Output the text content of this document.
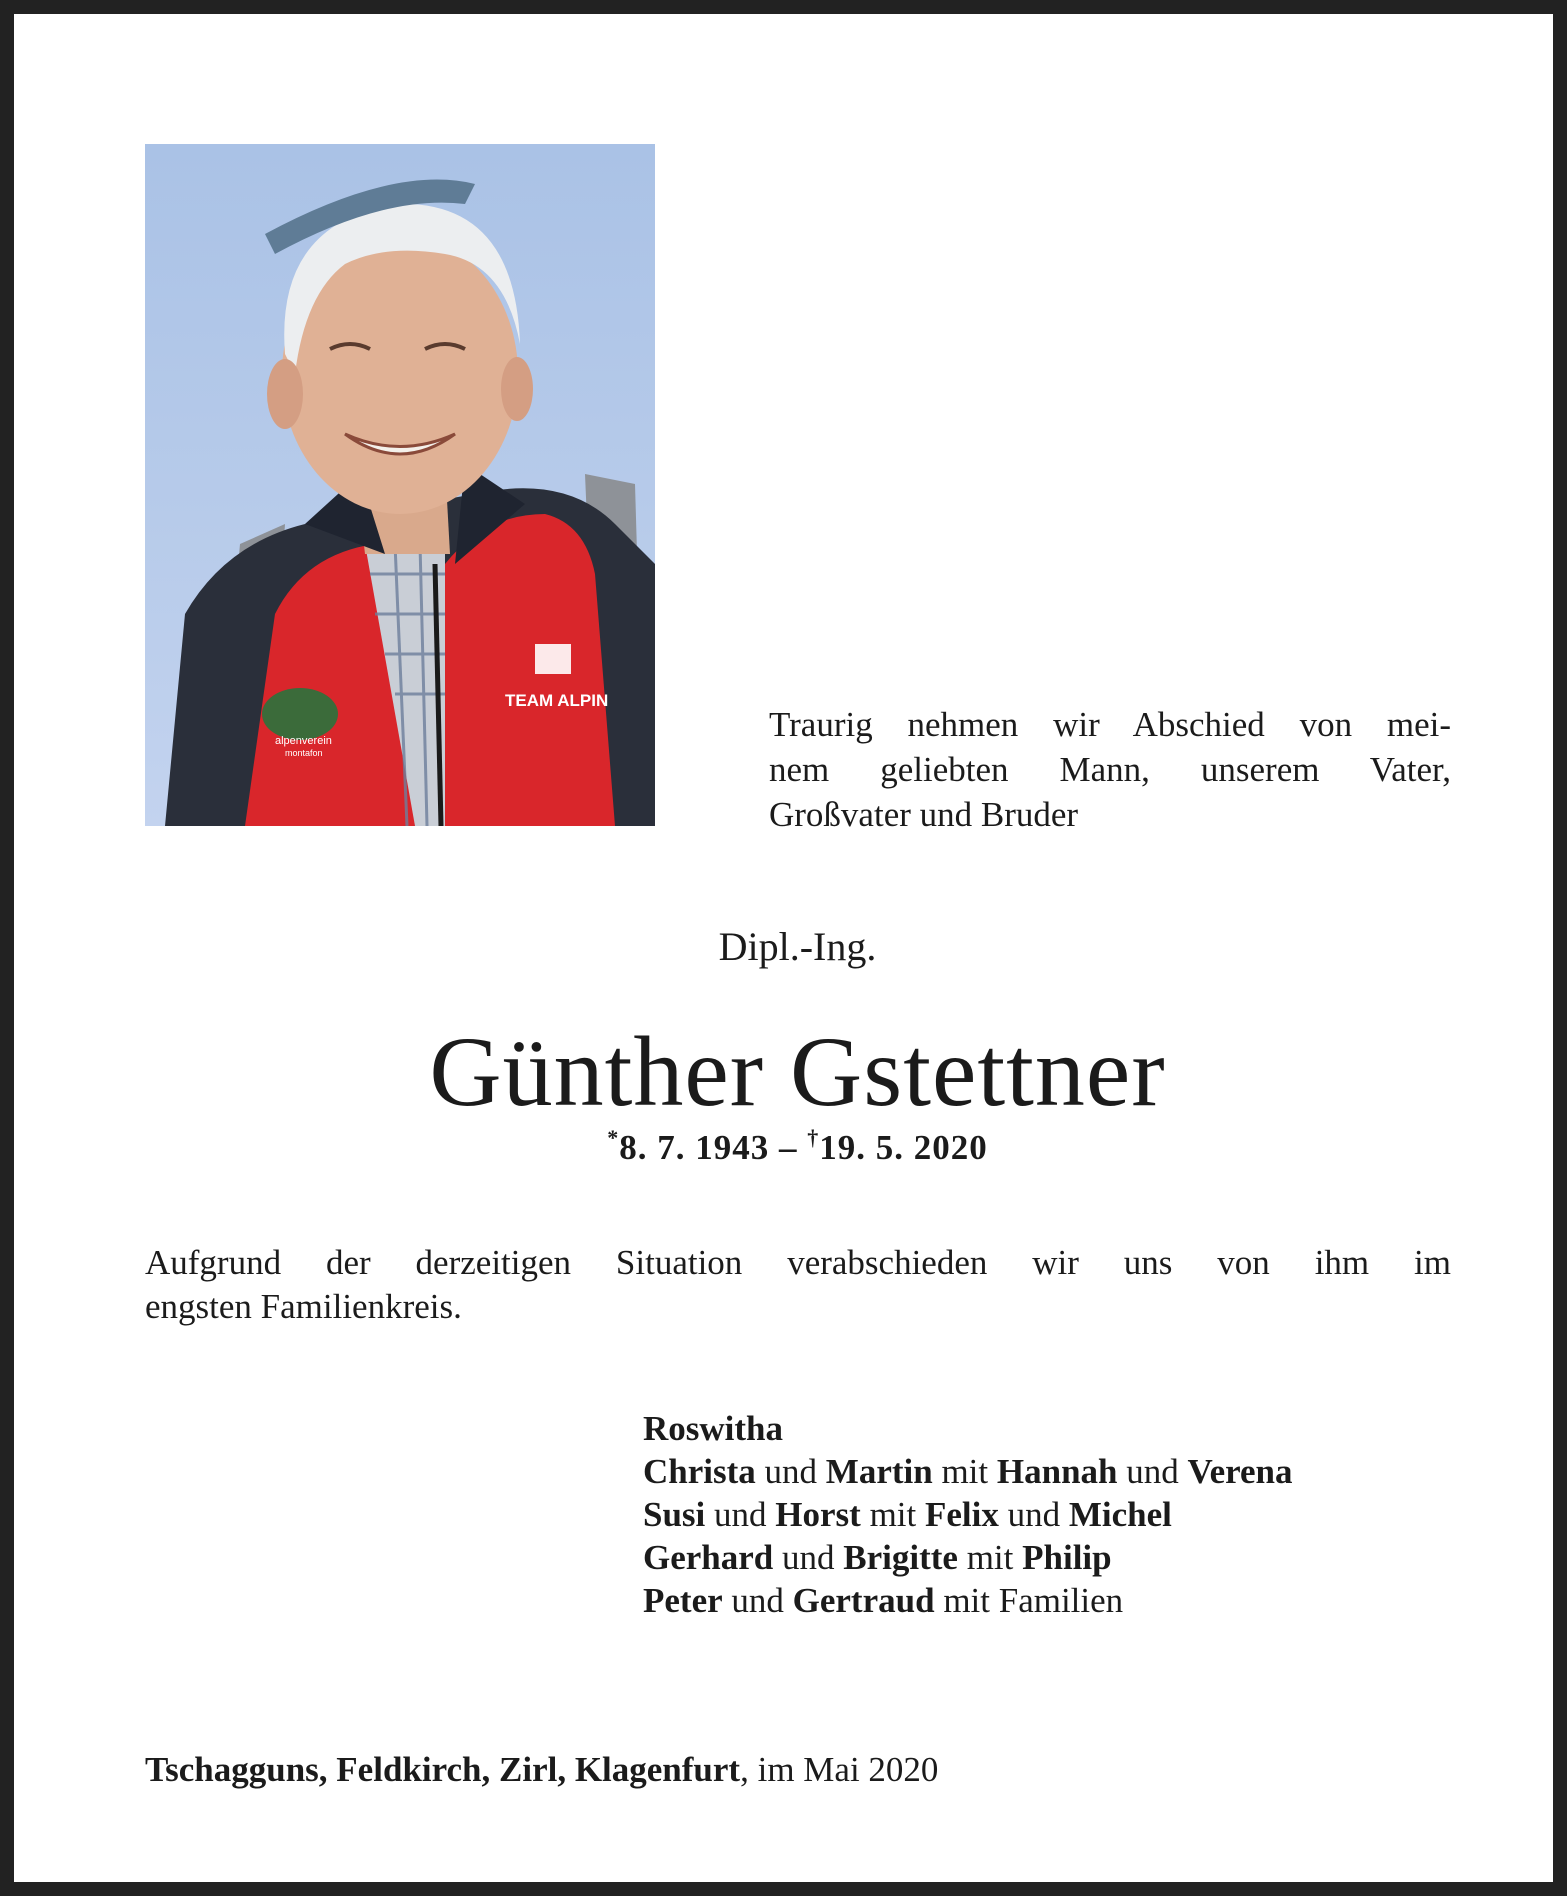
TEAM ALPIN
alpenverein
montafon
Traurig nehmen wir Abschied von mei-
nem geliebten Mann, unserem Vater,
Großvater und Bruder
Dipl.-Ing.
Günther Gstettner
*8. 7. 1943 – †19. 5. 2020
Aufgrund der derzeitigen Situation verabschieden wir uns von ihm im
engsten Familienkreis.
Roswitha
Christa und Martin mit Hannah und Verena
Susi und Horst mit Felix und Michel
Gerhard und Brigitte mit Philip
Peter und Gertraud mit Familien
Tschagguns, Feldkirch, Zirl, Klagenfurt, im Mai 2020
